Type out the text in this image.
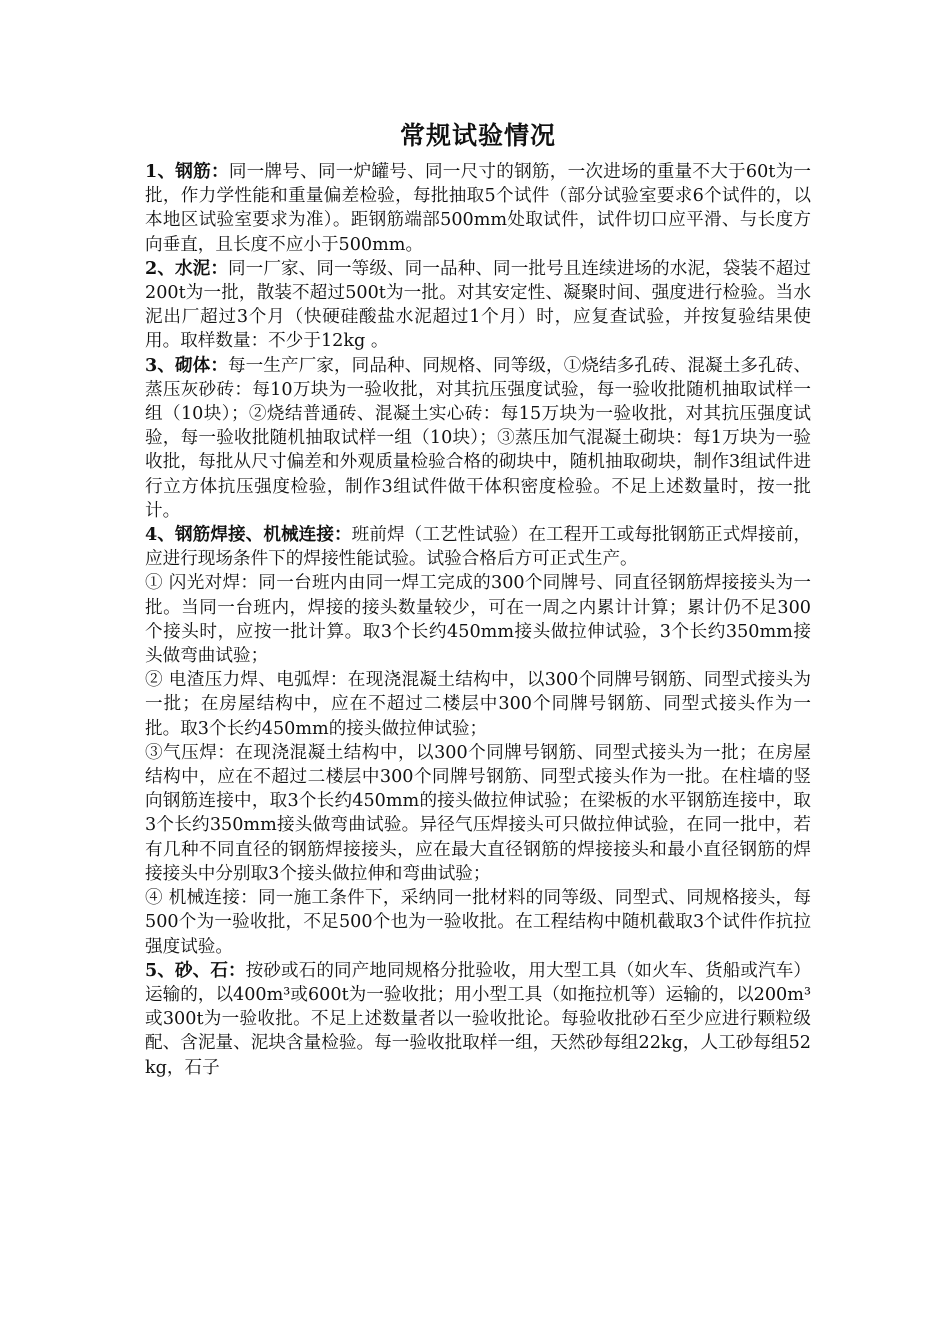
常规试验情况

1、钢筋：同一牌号、同一炉罐号、同一尺寸的钢筋，一次进场的重量不大于60t为一批，作力学性能和重量偏差检验，每批抽取5个试件（部分试验室要求6个试件的，以本地区试验室要求为准）。距钢筋端部500mm处取试件，试件切口应平滑、与长度方向垂直，且长度不应小于500mm。

2、水泥：同一厂家、同一等级、同一品种、同一批号且连续进场的水泥，袋装不超过200t为一批，散装不超过500t为一批。对其安定性、凝聚时间、强度进行检验。当水泥出厂超过3个月（快硬硅酸盐水泥超过1个月）时，应复查试验，并按复验结果使用。取样数量：不少于12kg 。

3、砌体：每一生产厂家，同品种、同规格、同等级，①烧结多孔砖、混凝土多孔砖、蒸压灰砂砖：每10万块为一验收批，对其抗压强度试验，每一验收批随机抽取试样一组（10块）；②烧结普通砖、混凝土实心砖：每15万块为一验收批，对其抗压强度试验，每一验收批随机抽取试样一组（10块）；③蒸压加气混凝土砌块：每1万块为一验收批，每批从尺寸偏差和外观质量检验合格的砌块中，随机抽取砌块，制作3组试件进行立方体抗压强度检验，制作3组试件做干体积密度检验。不足上述数量时，按一批计。

4、钢筋焊接、机械连接：班前焊（工艺性试验）在工程开工或每批钢筋正式焊接前，应进行现场条件下的焊接性能试验。试验合格后方可正式生产。

① 闪光对焊：同一台班内由同一焊工完成的300个同牌号、同直径钢筋焊接接头为一批。当同一台班内，焊接的接头数量较少，可在一周之内累计计算；累计仍不足300个接头时，应按一批计算。取3个长约450mm接头做拉伸试验，3个长约350mm接头做弯曲试验；

② 电渣压力焊、电弧焊：在现浇混凝土结构中，以300个同牌号钢筋、同型式接头为一批；在房屋结构中，应在不超过二楼层中300个同牌号钢筋、同型式接头作为一批。取3个长约450mm的接头做拉伸试验；

③气压焊：在现浇混凝土结构中，以300个同牌号钢筋、同型式接头为一批；在房屋结构中，应在不超过二楼层中300个同牌号钢筋、同型式接头作为一批。在柱墙的竖向钢筋连接中，取3个长约450mm的接头做拉伸试验；在梁板的水平钢筋连接中，取3个长约350mm接头做弯曲试验。异径气压焊接头可只做拉伸试验，在同一批中，若有几种不同直径的钢筋焊接接头，应在最大直径钢筋的焊接接头和最小直径钢筋的焊接接头中分别取3个接头做拉伸和弯曲试验；

④ 机械连接：同一施工条件下，采纳同一批材料的同等级、同型式、同规格接头，每500个为一验收批，不足500个也为一验收批。在工程结构中随机截取3个试件作抗拉强度试验。

5、砂、石：按砂或石的同产地同规格分批验收，用大型工具（如火车、货船或汽车）运输的，以400m³或600t为一验收批；用小型工具（如拖拉机等）运输的，以200m³或300t为一验收批。不足上述数量者以一验收批论。每验收批砂石至少应进行颗粒级配、含泥量、泥块含量检验。每一验收批取样一组，天然砂每组22kg，人工砂每组52kg，石子
